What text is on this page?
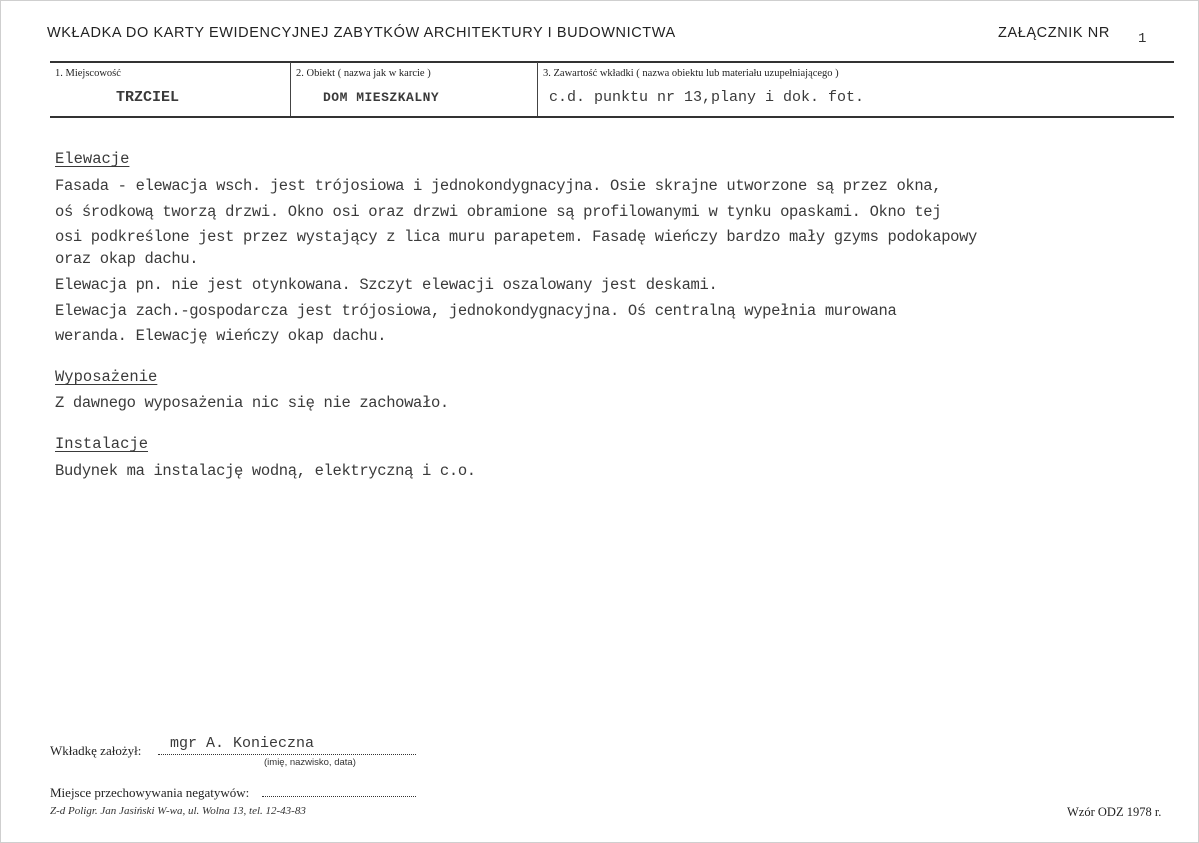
WKŁADKA DO KARTY EWIDENCYJNEJ ZABYTKÓW ARCHITEKTURY I BUDOWNICTWA	ZAŁĄCZNIK NR 1
1. Miejscowość
TRZCIEL
2. Obiekt ( nazwa jak w karcie )
DOM MIESZKALNY
3. Zawartość wkładki ( nazwa obiektu lub materiału uzupełniającego )
c.d. punktu nr 13,plany i dok. fot.
Elewacje
Fasada - elewacja wsch. jest trójosiowa i jednokondygnacyjna. Osie skrajne utworzone są przez okna,
oś środkową tworzą drzwi. Okno osi oraz drzwi obramione są profilowanymi w tynku opaskami. Okno tej
osi podkreślone jest przez wystający z lica muru parapetem. Fasadę wieńczy bardzo mały gzyms podokapowy
oraz okap dachu.
Elewacja pn. nie jest otynkowana. Szczyt elewacji oszalowany jest deskami.
Elewacja zach.-gospodarcza jest trójosiowa, jednokondygnacyjna. Oś centralną wypełnia murowana
weranda. Elewację wieńczy okap dachu.
Wyposażenie
Z dawnego wyposażenia nic się nie zachowało.
Instalacje
Budynek ma instalację wodną, elektryczną i c.o.
Wkładkę założył: mgr A. Konieczna
(imię, nazwisko, data)
Miejsce przechowywania negatywów:
Z-d Poligr. Jan Jasiński W-wa, ul. Wolna 13, tel. 12-43-83	Wzór ODZ 1978 r.
